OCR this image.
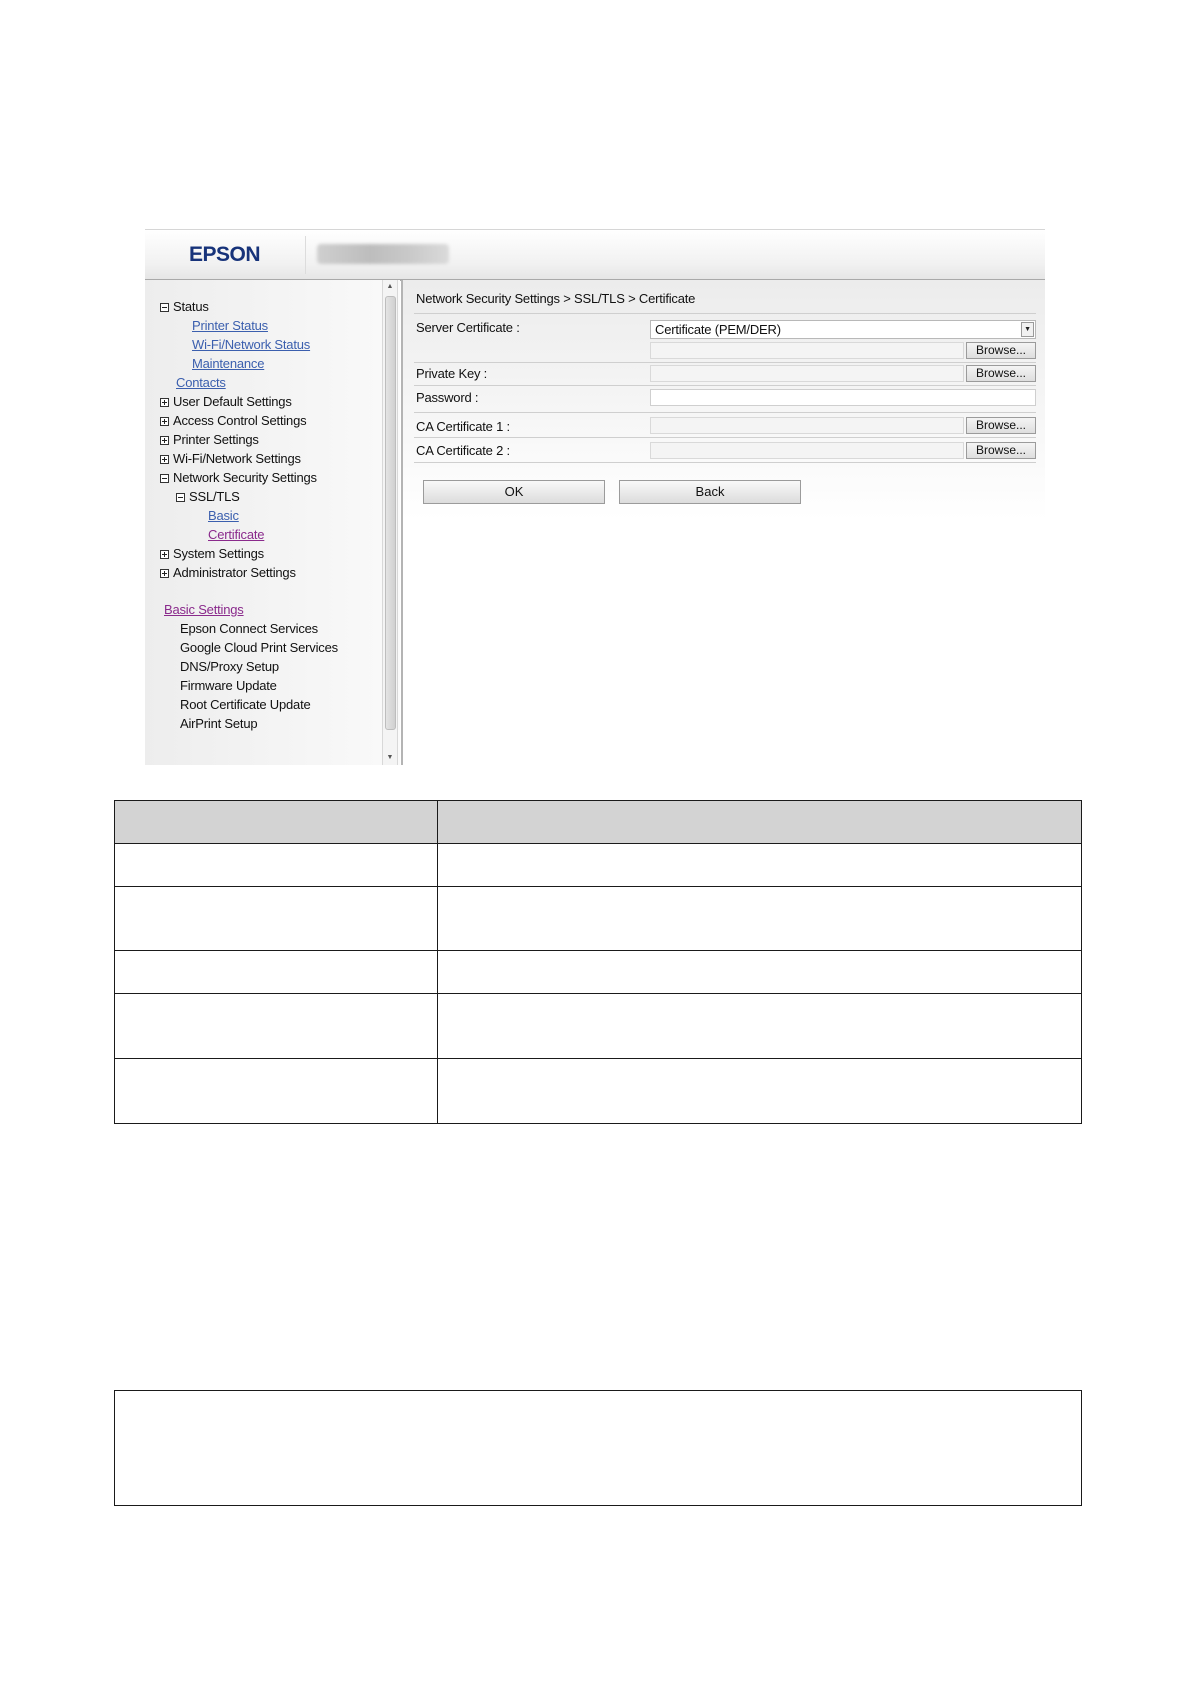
EPSON
Status
Printer Status
Wi-Fi/Network Status
Maintenance
Contacts
User Default Settings
Access Control Settings
Printer Settings
Wi-Fi/Network Settings
Network Security Settings
SSL/TLS
Basic
Certificate
System Settings
Administrator Settings
Basic Settings
Epson Connect Services
Google Cloud Print Services
DNS/Proxy Setup
Firmware Update
Root Certificate Update
AirPrint Setup
▲
▼
Network Security Settings > SSL/TLS > Certificate
Server Certificate :	Certificate (PEM/DER)	▼
Browse...
Private Key :	Browse...
Password :
CA Certificate 1 :	Browse...
CA Certificate 2 :	Browse...
OK	Back
